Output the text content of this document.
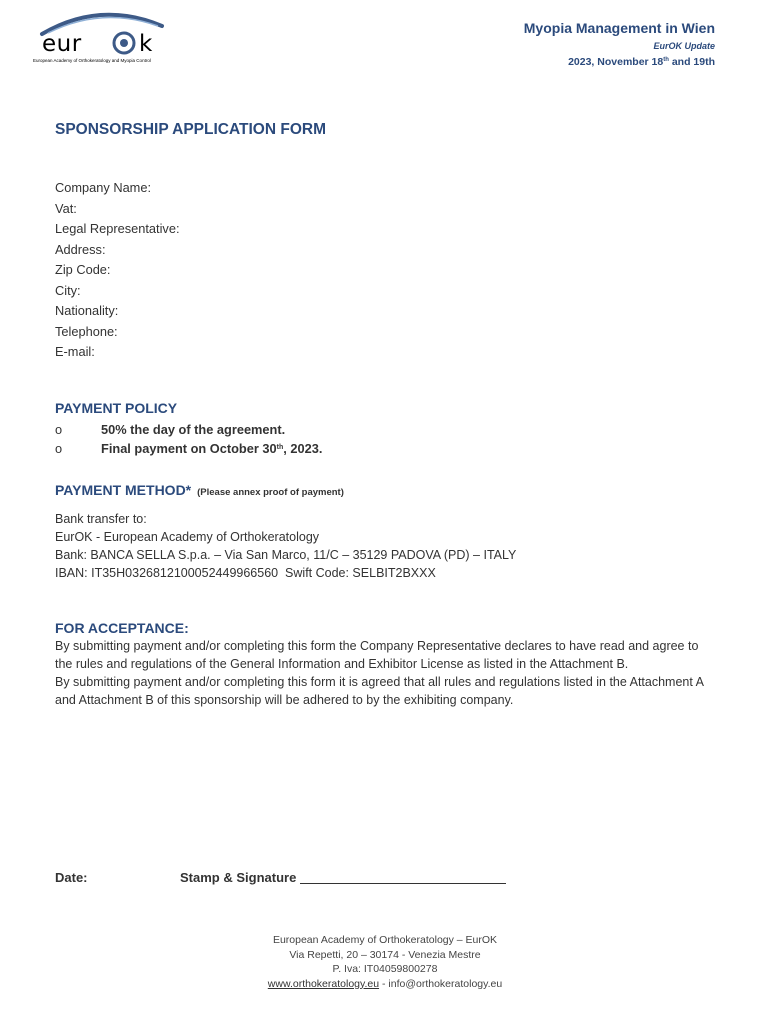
eur k
European Academy of Orthokeratology and Myopia Control
Myopia Management in Wien
EurOK Update
2023, November 18th and 19th
SPONSORSHIP APPLICATION FORM
Company Name:
Vat:
Legal Representative:
Address:
Zip Code:
City:
Nationality:
Telephone:
E-mail:
PAYMENT POLICY
o	50% the day of the agreement.
o	Final payment on October 30th, 2023.
PAYMENT METHOD* (Please annex proof of payment)
Bank transfer to:
EurOK - European Academy of Orthokeratology
Bank: BANCA SELLA S.p.a. – Via San Marco, 11/C – 35129 PADOVA (PD) – ITALY
IBAN: IT35H0326812100052449966560  Swift Code: SELBIT2BXXX
FOR ACCEPTANCE:
By submitting payment and/or completing this form the Company Representative declares to have read and agree to the rules and regulations of the General Information and Exhibitor License as listed in the Attachment B.
By submitting payment and/or completing this form it is agreed that all rules and regulations listed in the Attachment A and Attachment B of this sponsorship will be adhered to by the exhibiting company.
Date:	Stamp & Signature
European Academy of Orthokeratology – EurOK
Via Repetti, 20 – 30174 - Venezia Mestre
P. Iva: IT04059800278
www.orthokeratology.eu - info@orthokeratology.eu
